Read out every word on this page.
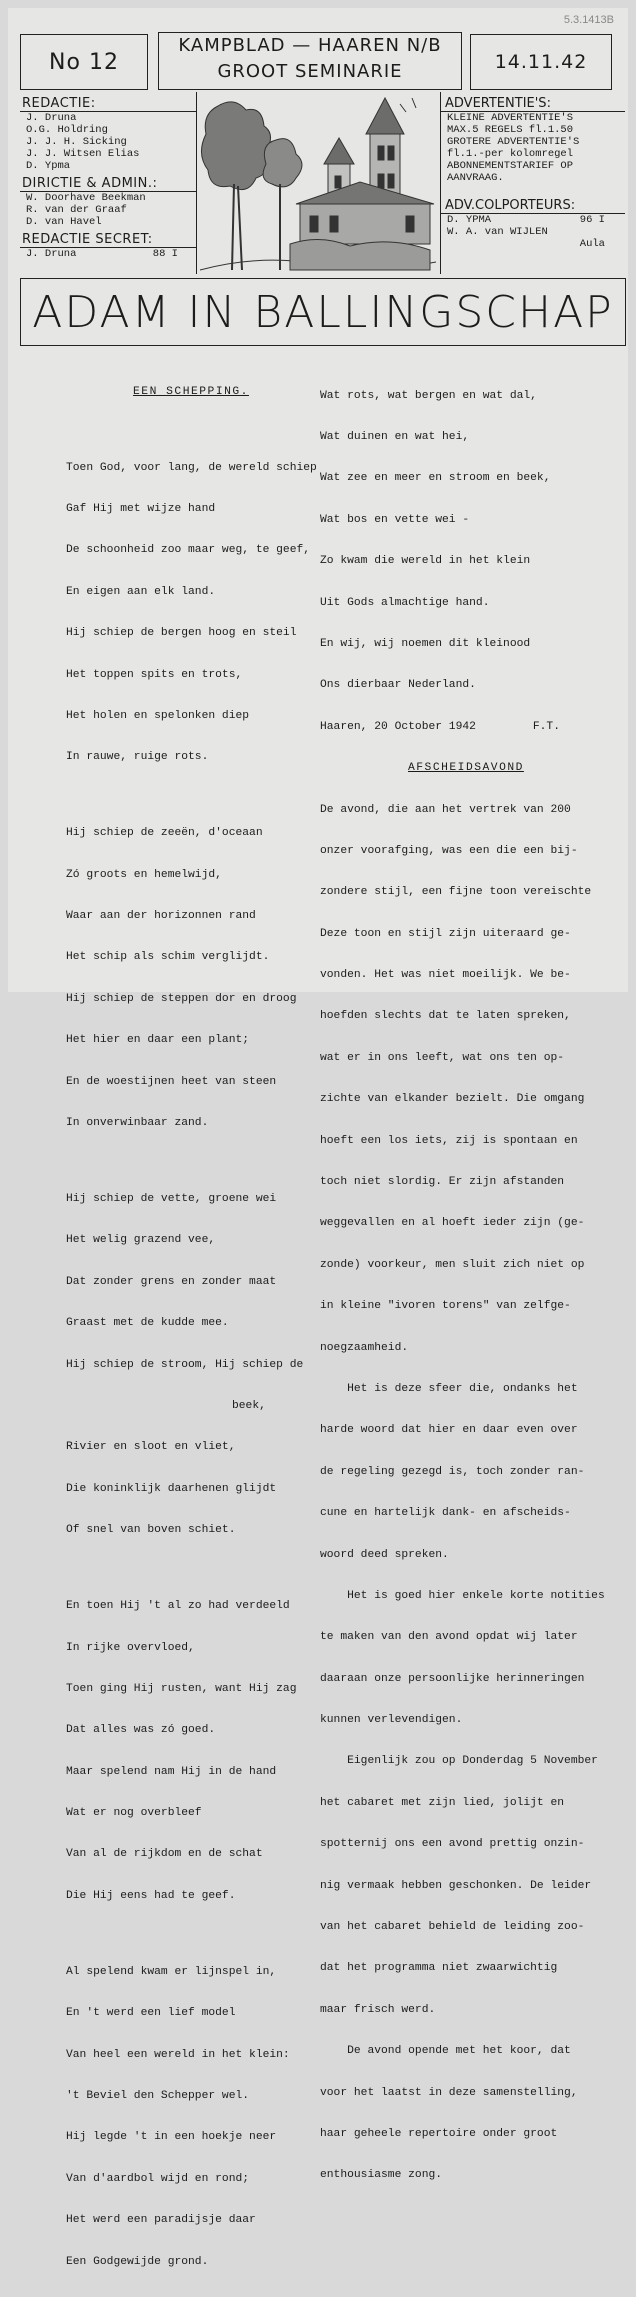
5.3.1413B
No 12
KAMPBLAD — HAAREN N/B
GROOT SEMINARIE	14.11.42
REDACTIE:
J. Druna
O.G. Holdring
J. J. H. Sicking
J. J. Witsen Elias
D. Ypma
DIRICTIE & ADMIN.:
W. Doorhave Beekman
R. van der Graaf
D. van Havel
REDACTIE SECRET:
J. Druna	88 I
ADVERTENTIE'S:
KLEINE ADVERTENTIE'S
MAX.5 REGELS fl.1.50
GROTERE ADVERTENTIE'S
fl.1.-per kolomregel
ABONNEMENTSTARIEF OP
AANVRAAG.
ADV.COLPORTEURS:
D. YPMA	96 I
W. A. van WIJLEN
Aula
ADAM IN BALLINGSCHAP

EEN SCHEPPING.

Toen God, voor lang, de wereld schiep

Gaf Hij met wijze hand

De schoonheid zoo maar weg, te geef,

En eigen aan elk land.

Hij schiep de bergen hoog en steil

Het toppen spits en trots,

Het holen en spelonken diep

In rauwe, ruige rots.

Hij schiep de zeeën, d'oceaan

Zó groots en hemelwijd,

Waar aan der horizonnen rand

Het schip als schim verglijdt.

Hij schiep de steppen dor en droog

Het hier en daar een plant;

En de woestijnen heet van steen

In onverwinbaar zand.

Hij schiep de vette, groene wei

Het welig grazend vee,

Dat zonder grens en zonder maat

Graast met de kudde mee.

Hij schiep de stroom, Hij schiep de

beek,

Rivier en sloot en vliet,

Die koninklijk daarhenen glijdt

Of snel van boven schiet.

En toen Hij 't al zo had verdeeld

In rijke overvloed,

Toen ging Hij rusten, want Hij zag

Dat alles was zó goed.

Maar spelend nam Hij in de hand

Wat er nog overbleef

Van al de rijkdom en de schat

Die Hij eens had te geef.

Al spelend kwam er lijnspel in,

En 't werd een lief model

Van heel een wereld in het klein:

't Beviel den Schepper wel.

Hij legde 't in een hoekje neer

Van d'aardbol wijd en rond;

Het werd een paradijsje daar

Een Godgewijde grond.

Wat rots, wat bergen en wat dal,

Wat duinen en wat hei,

Wat zee en meer en stroom en beek,

Wat bos en vette wei -

Zo kwam die wereld in het klein

Uit Gods almachtige hand.

En wij, wij noemen dit kleinood

Ons dierbaar Nederland.

Haaren, 20 October 1942	F.T.

AFSCHEIDSAVOND

De avond, die aan het vertrek van 200

onzer voorafging, was een die een bij-

zondere stijl, een fijne toon vereischte

Deze toon en stijl zijn uiteraard ge-

vonden. Het was niet moeilijk. We be-

hoefden slechts dat te laten spreken,

wat er in ons leeft, wat ons ten op-

zichte van elkander bezielt. Die omgang

hoeft een los iets, zij is spontaan en

toch niet slordig. Er zijn afstanden

weggevallen en al hoeft ieder zijn (ge-

zonde) voorkeur, men sluit zich niet op

in kleine "ivoren torens" van zelfge-

noegzaamheid.

Het is deze sfeer die, ondanks het

harde woord dat hier en daar even over

de regeling gezegd is, toch zonder ran-

cune en hartelijk dank- en afscheids-

woord deed spreken.

Het is goed hier enkele korte notities

te maken van den avond opdat wij later

daaraan onze persoonlijke herinneringen

kunnen verlevendigen.

Eigenlijk zou op Donderdag 5 November

het cabaret met zijn lied, jolijt en

spotternij ons een avond prettig onzin-

nig vermaak hebben geschonken. De leider

van het cabaret behield de leiding zoo-

dat het programma niet zwaarwichtig

maar frisch werd.

De avond opende met het koor, dat

voor het laatst in deze samenstelling,

haar geheele repertoire onder groot

enthousiasme zong.
